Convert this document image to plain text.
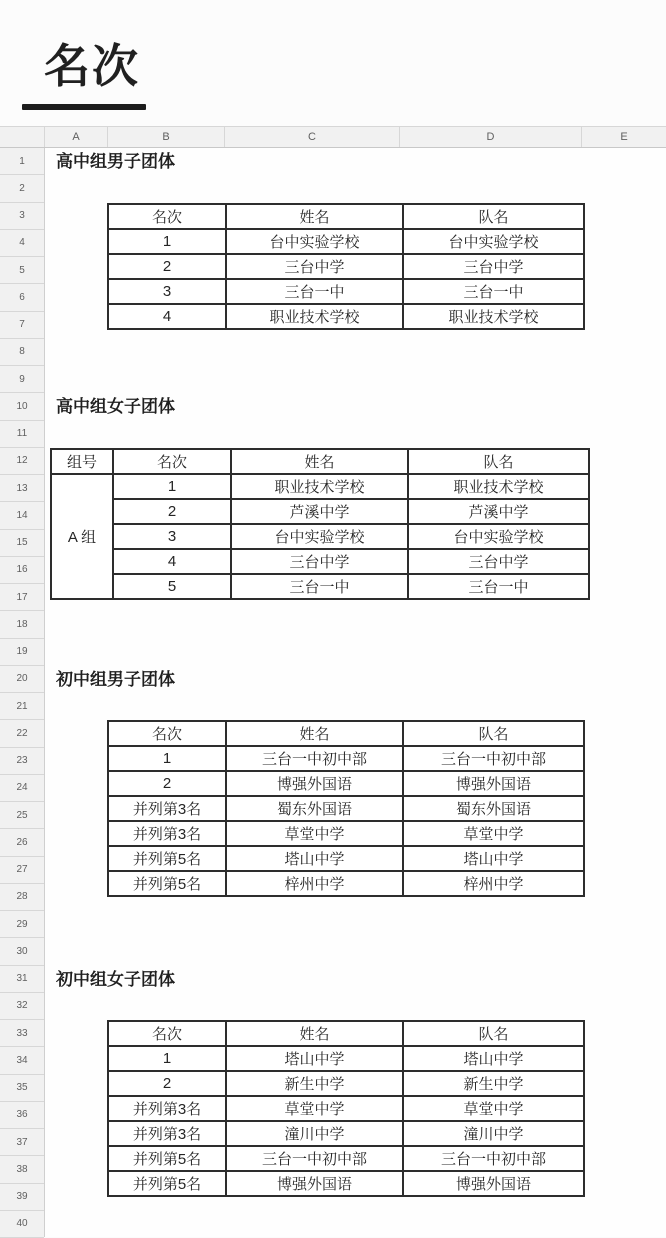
名次
A	B	C	D	E
1
2
3
4
5
6
7
8
9
10
11
12
13
14
15
16
17
18
19
20
21
22
23
24
25
26
27
28
29
30
31
32
33
34
35
36
37
38
39
40
高中组男子团体
名次	姓名	队名
1	台中实验学校	台中实验学校
2	三台中学	三台中学
3	三台一中	三台一中
4	职业技术学校	职业技术学校
高中组女子团体
组号	名次	姓名	队名
A 组	1	职业技术学校	职业技术学校
	2	芦溪中学	芦溪中学
	3	台中实验学校	台中实验学校
	4	三台中学	三台中学
	5	三台一中	三台一中
初中组男子团体
名次	姓名	队名
1	三台一中初中部	三台一中初中部
2	博强外国语	博强外国语
并列第3名	蜀东外国语	蜀东外国语
并列第3名	草堂中学	草堂中学
并列第5名	塔山中学	塔山中学
并列第5名	梓州中学	梓州中学
初中组女子团体
名次	姓名	队名
1	塔山中学	塔山中学
2	新生中学	新生中学
并列第3名	草堂中学	草堂中学
并列第3名	潼川中学	潼川中学
并列第5名	三台一中初中部	三台一中初中部
并列第5名	博强外国语	博强外国语
